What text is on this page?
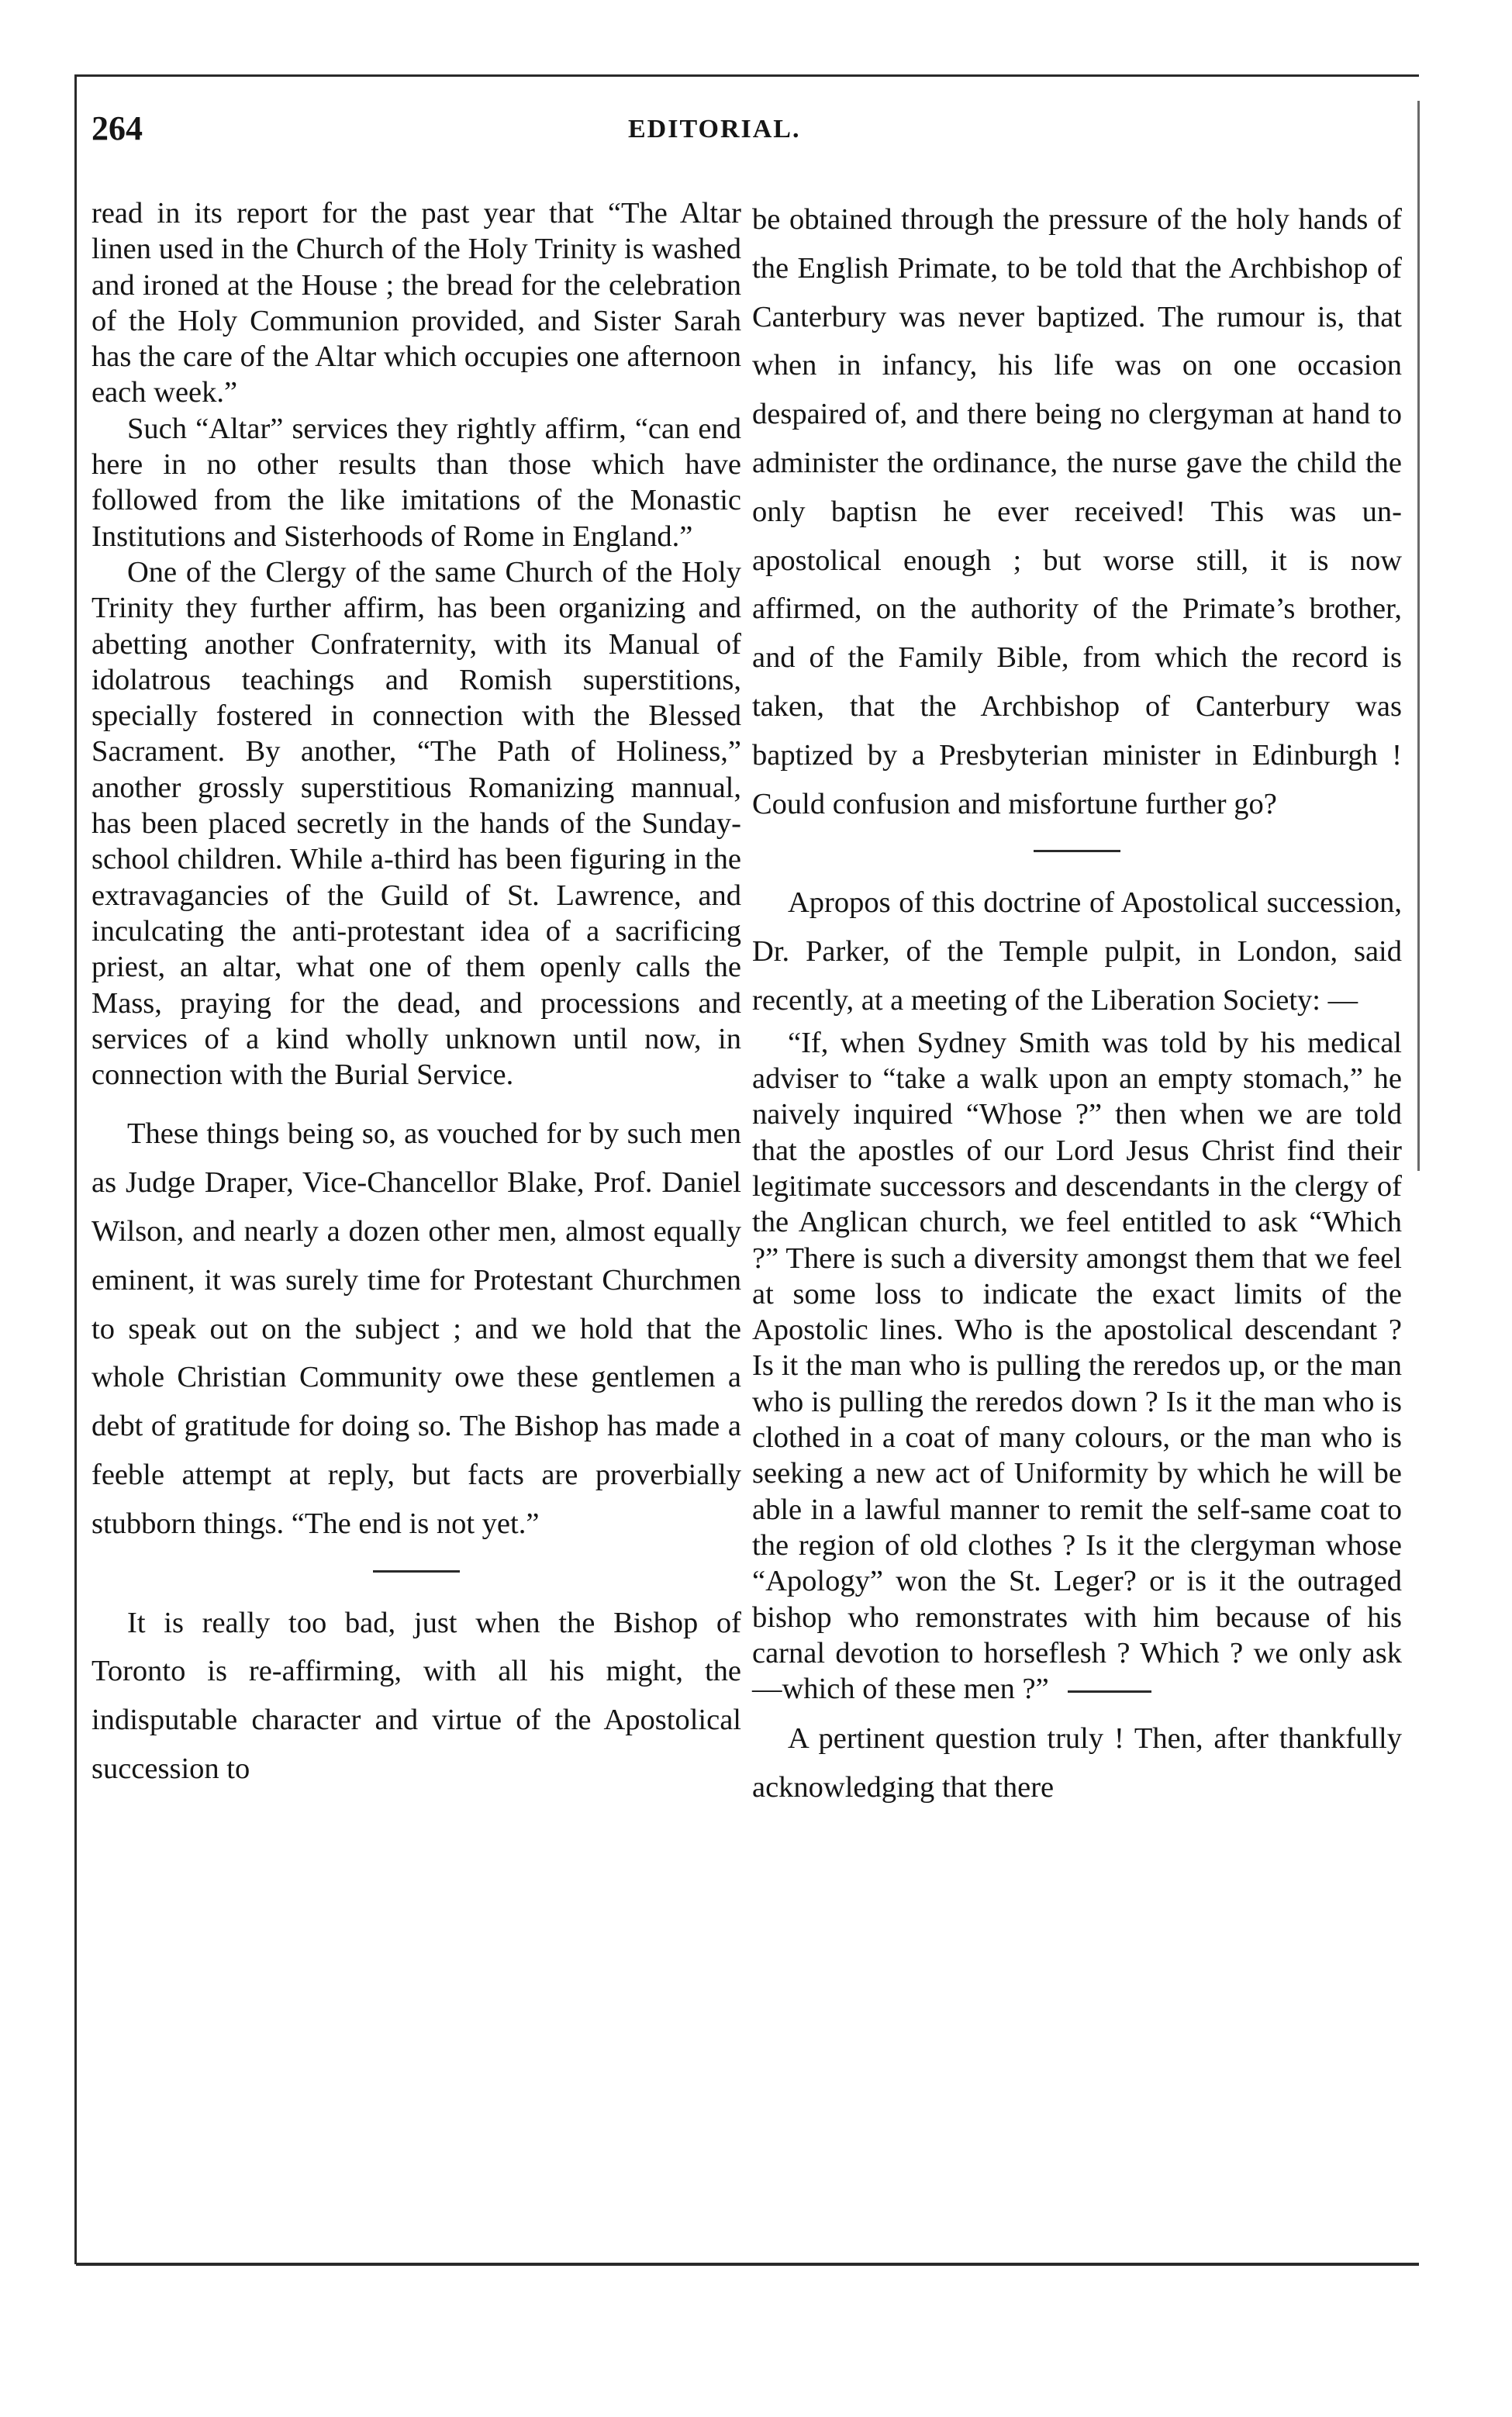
264	EDITORIAL.

read in its report for the past year that “The Altar linen used in the Church of the Holy Trinity is washed and ironed at the House ; the bread for the celebration of the Holy Communion provided, and Sister Sarah has the care of the Altar which occupies one afternoon each week.”

Such “Altar” services they rightly affirm, “can end here in no other results than those which have followed from the like imitations of the Monastic Institutions and Sisterhoods of Rome in England.”

One of the Clergy of the same Church of the Holy Trinity they further affirm, has been organizing and abetting another Confraternity, with its Manual of idolatrous teachings and Romish superstitions, specially fostered in connection with the Blessed Sacrament. By another, “The Path of Holiness,” another grossly superstitious Romanizing mannual, has been placed secretly in the hands of the Sunday-school children. While a-third has been figuring in the extravagancies of the Guild of St. Lawrence, and inculcating the anti-protestant idea of a sacrificing priest, an altar, what one of them openly calls the Mass, praying for the dead, and processions and services of a kind wholly unknown until now, in connection with the Burial Service.

These things being so, as vouched for by such men as Judge Draper, Vice-Chancellor Blake, Prof. Daniel Wilson, and nearly a dozen other men, almost equally eminent, it was surely time for Protestant Churchmen to speak out on the subject ; and we hold that the whole Christian Community owe these gentlemen a debt of gratitude for doing so. The Bishop has made a feeble attempt at reply, but facts are proverbially stubborn things. “The end is not yet.”

It is really too bad, just when the Bishop of Toronto is re-affirming, with all his might, the indisputable character and virtue of the Apostolical succession to

be obtained through the pressure of the holy hands of the English Primate, to be told that the Archbishop of Canterbury was never baptized. The rumour is, that when in infancy, his life was on one occasion despaired of, and there being no clergyman at hand to administer the ordinance, the nurse gave the child the only baptisn he ever received! This was un-apostolical enough ; but worse still, it is now affirmed, on the authority of the Primate’s brother, and of the Family Bible, from which the record is taken, that the Archbishop of Canterbury was baptized by a Presbyterian minister in Edinburgh ! Could confusion and misfortune further go?

Apropos of this doctrine of Apostolical succession, Dr. Parker, of the Temple pulpit, in London, said recently, at a meeting of the Liberation Society: —

“If, when Sydney Smith was told by his medical adviser to “take a walk upon an empty stomach,” he naively inquired “Whose ?” then when we are told that the apostles of our Lord Jesus Christ find their legitimate successors and descendants in the clergy of the Anglican church, we feel entitled to ask “Which ?” There is such a diversity amongst them that we feel at some loss to indicate the exact limits of the Apostolic lines. Who is the apostolical descendant ? Is it the man who is pulling the reredos up, or the man who is pulling the reredos down ? Is it the man who is clothed in a coat of many colours, or the man who is seeking a new act of Uniformity by which he will be able in a lawful manner to remit the self-same coat to the region of old clothes ? Is it the clergyman whose “Apology” won the St. Leger? or is it the outraged bishop who remonstrates with him because of his carnal devotion to horseflesh ? Which ? we only ask—which of these men ?”

A pertinent question truly ! Then, after thankfully acknowledging that there
